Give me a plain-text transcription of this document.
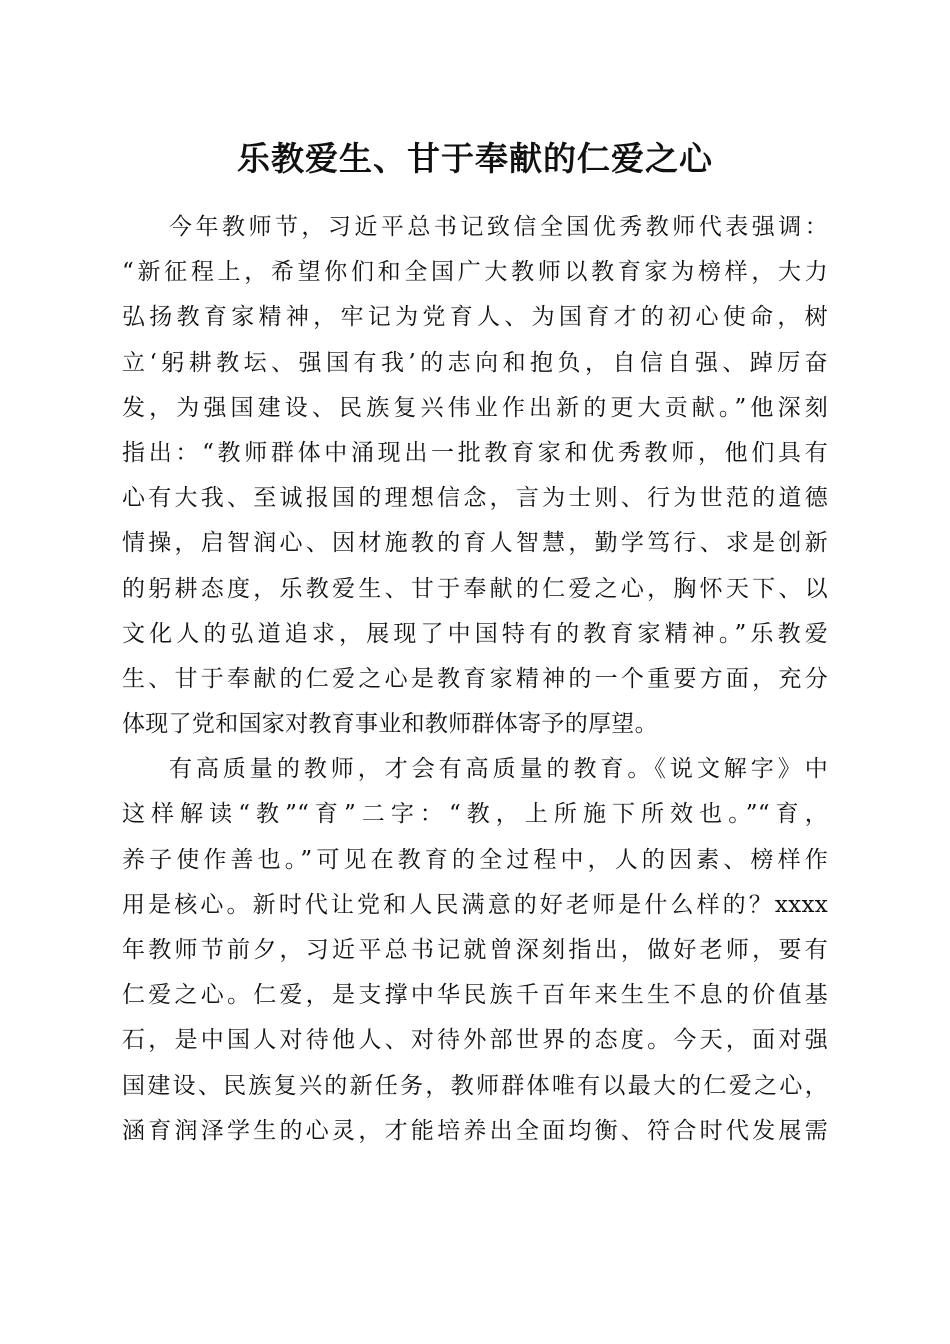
乐教爱生、甘于奉献的仁爱之心
今年教师节，习近平总书记致信全国优秀教师代表强调：
“新征程上，希望你们和全国广大教师以教育家为榜样，大力
弘扬教育家精神，牢记为党育人、为国育才的初心使命，树
立‘躬耕教坛、强国有我’的志向和抱负，自信自强、踔厉奋
发，为强国建设、民族复兴伟业作出新的更大贡献。”他深刻
指出：“教师群体中涌现出一批教育家和优秀教师，他们具有
心有大我、至诚报国的理想信念，言为士则、行为世范的道德
情操，启智润心、因材施教的育人智慧，勤学笃行、求是创新
的躬耕态度，乐教爱生、甘于奉献的仁爱之心，胸怀天下、以
文化人的弘道追求，展现了中国特有的教育家精神。”乐教爱
生、甘于奉献的仁爱之心是教育家精神的一个重要方面，充分
体现了党和国家对教育事业和教师群体寄予的厚望。
有高质量的教师，才会有高质量的教育。《说文解字》中
这样解读“教”“育”二字：“教，上所施下所效也。”“育，
养子使作善也。”可见在教育的全过程中，人的因素、榜样作
用是核心。新时代让党和人民满意的好老师是什么样的？xxxx
年教师节前夕，习近平总书记就曾深刻指出，做好老师，要有
仁爱之心。仁爱，是支撑中华民族千百年来生生不息的价值基
石，是中国人对待他人、对待外部世界的态度。今天，面对强
国建设、民族复兴的新任务，教师群体唯有以最大的仁爱之心，
涵育润泽学生的心灵，才能培养出全面均衡、符合时代发展需
